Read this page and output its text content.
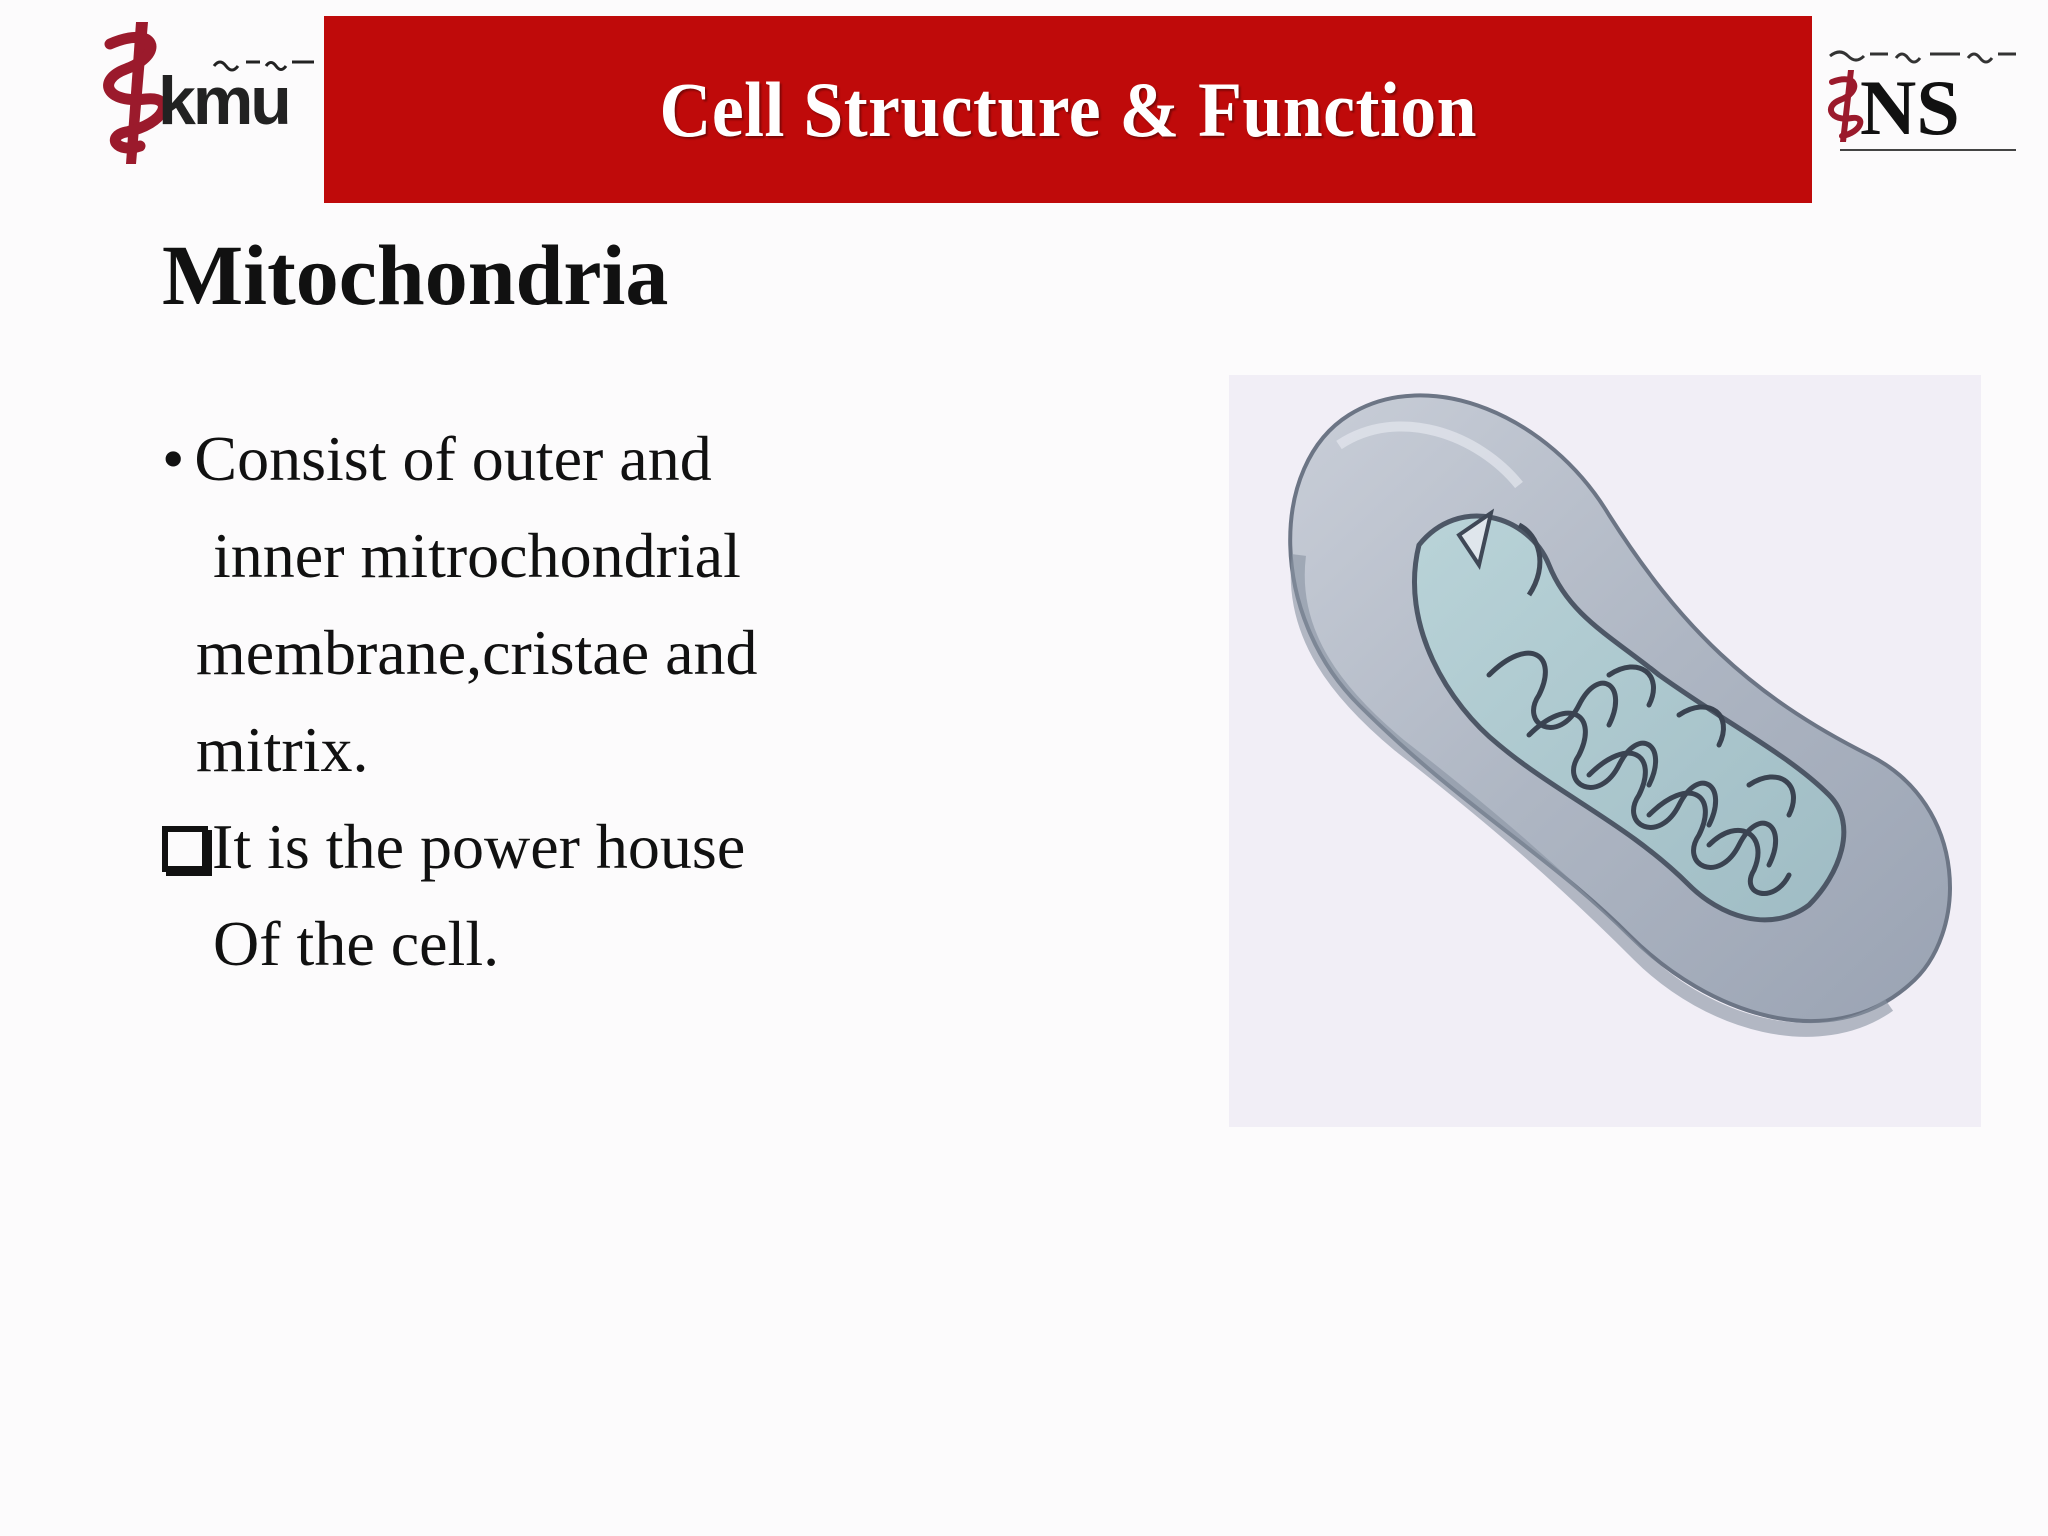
kmu	Cell Structure & Function	NS
Mitochondria
• Consist of outer and
inner mitrochondrial
membrane,cristae and
mitrix.
It is the power house
Of the cell.
